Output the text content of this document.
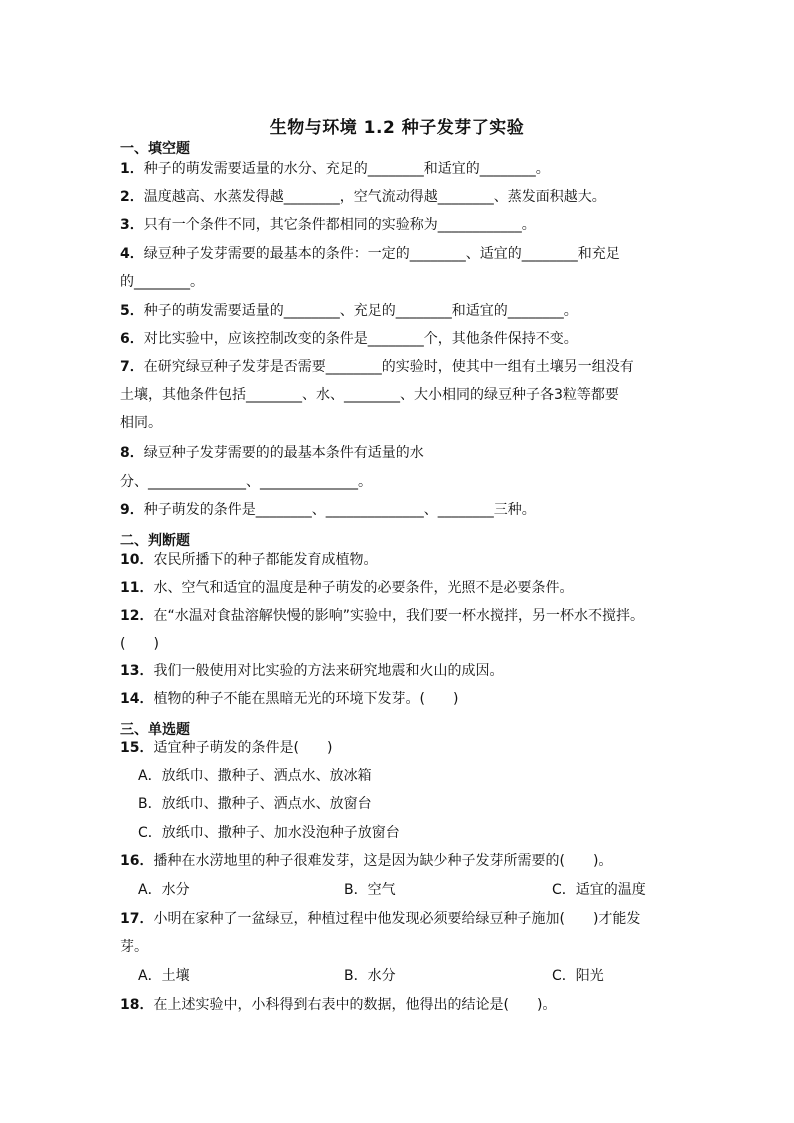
生物与环境 1.2 种子发芽了实验
一、填空题
1．种子的萌发需要适量的水分、充足的________和适宜的________。
2．温度越高、水蒸发得越________，空气流动得越________、蒸发面积越大。
3．只有一个条件不同，其它条件都相同的实验称为____________。
4．绿豆种子发芽需要的最基本的条件：一定的________、适宜的________和充足
的________。
5．种子的萌发需要适量的________、充足的________和适宜的________。
6．对比实验中，应该控制改变的条件是________个，其他条件保持不变。
7．在研究绿豆种子发芽是否需要________的实验时，使其中一组有土壤另一组没有
土壤，其他条件包括________、水、________、大小相同的绿豆种子各3粒等都要
相同。
8．绿豆种子发芽需要的的最基本条件有适量的水
分、______________、______________。
9．种子萌发的条件是________、______________、________三种。
二、判断题
10．农民所播下的种子都能发育成植物。
11．水、空气和适宜的温度是种子萌发的必要条件，光照不是必要条件。
12．在“水温对食盐溶解快慢的影响”实验中，我们要一杯水搅拌，另一杯水不搅拌。
(　　)
13．我们一般使用对比实验的方法来研究地震和火山的成因。
14．植物的种子不能在黑暗无光的环境下发芽。(　　)
三、单选题
15．适宜种子萌发的条件是(　　)
A．放纸巾、撒种子、洒点水、放冰箱
B．放纸巾、撒种子、洒点水、放窗台
C．放纸巾、撒种子、加水没泡种子放窗台
16．播种在水涝地里的种子很难发芽，这是因为缺少种子发芽所需要的(　　)。
A．水分	B．空气	C．适宜的温度
17．小明在家种了一盆绿豆，种植过程中他发现必须要给绿豆种子施加(　　)才能发
芽。
A．土壤	B．水分	C．阳光
18．在上述实验中，小科得到右表中的数据，他得出的结论是(　　)。
